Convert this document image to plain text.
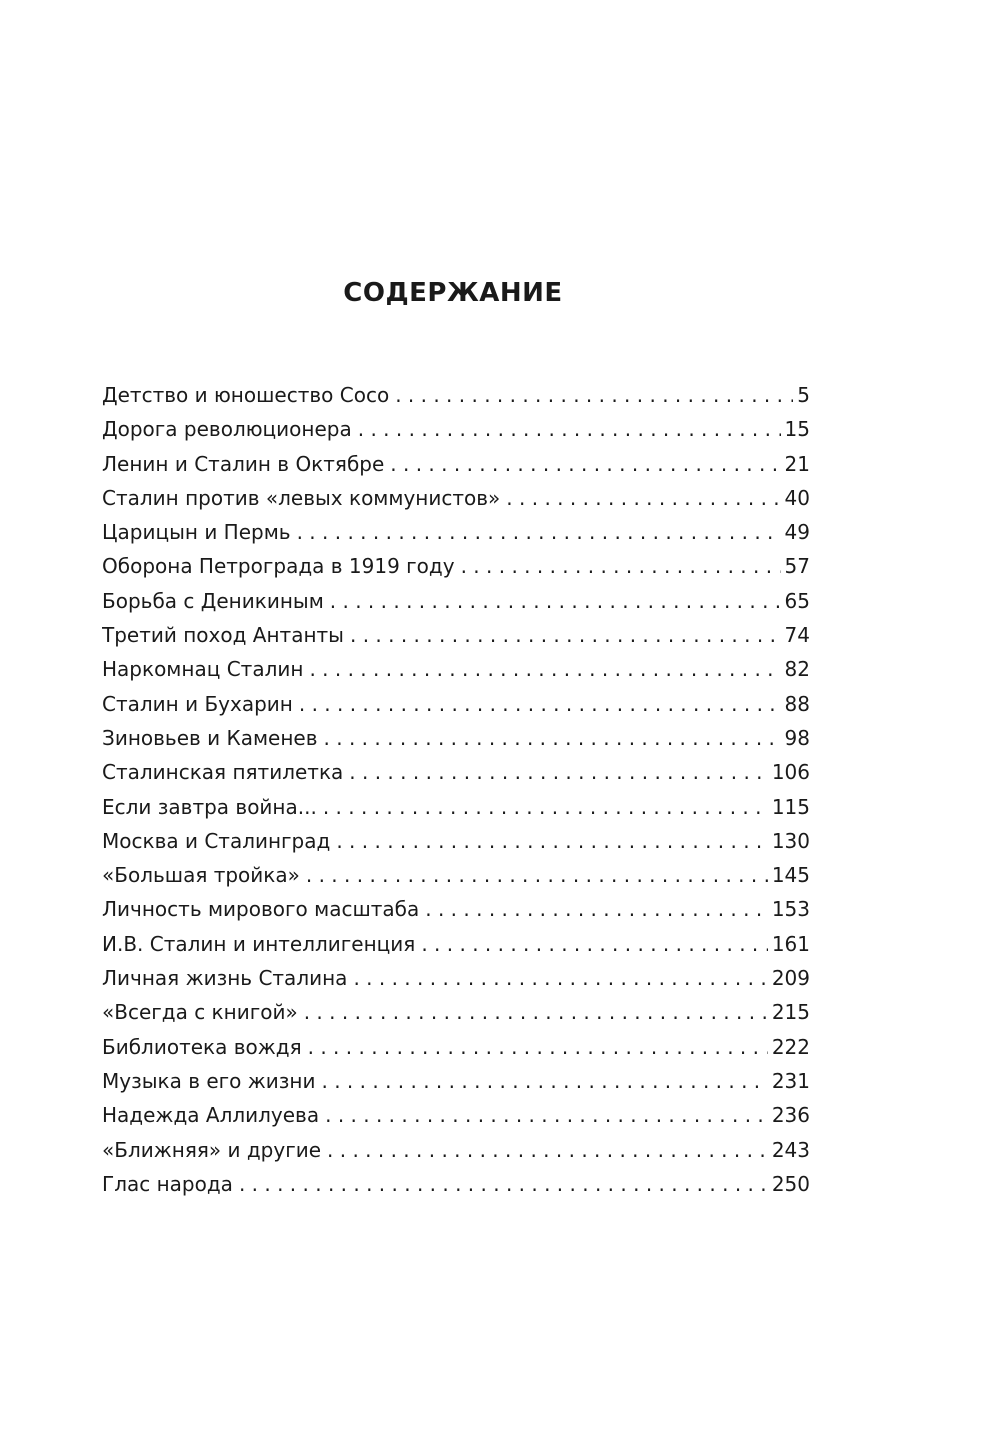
СОДЕРЖАНИЕ
Детство и юношество Сосо . . .	5
Дорога революционера . . .	15
Ленин и Сталин в Октябре . . .	21
Сталин против «левых коммунистов» . . .	40
Царицын и Пермь . . .	49
Оборона Петрограда в 1919 году . . .	57
Борьба с Деникиным . . .	65
Третий поход Антанты . . .	74
Наркомнац Сталин . . .	82
Сталин и Бухарин . . .	88
Зиновьев и Каменев . . .	98
Сталинская пятилетка . . .	106
Если завтра война... . . .	115
Москва и Сталинград . . .	130
«Большая тройка» . . .	145
Личность мирового масштаба . . .	153
И.В. Сталин и интеллигенция . . .	161
Личная жизнь Сталина . . .	209
«Всегда с книгой» . . .	215
Библиотека вождя . . .	222
Музыка в его жизни . . .	231
Надежда Аллилуева . . .	236
«Ближняя» и другие . . .	243
Глас народа . . .	250
